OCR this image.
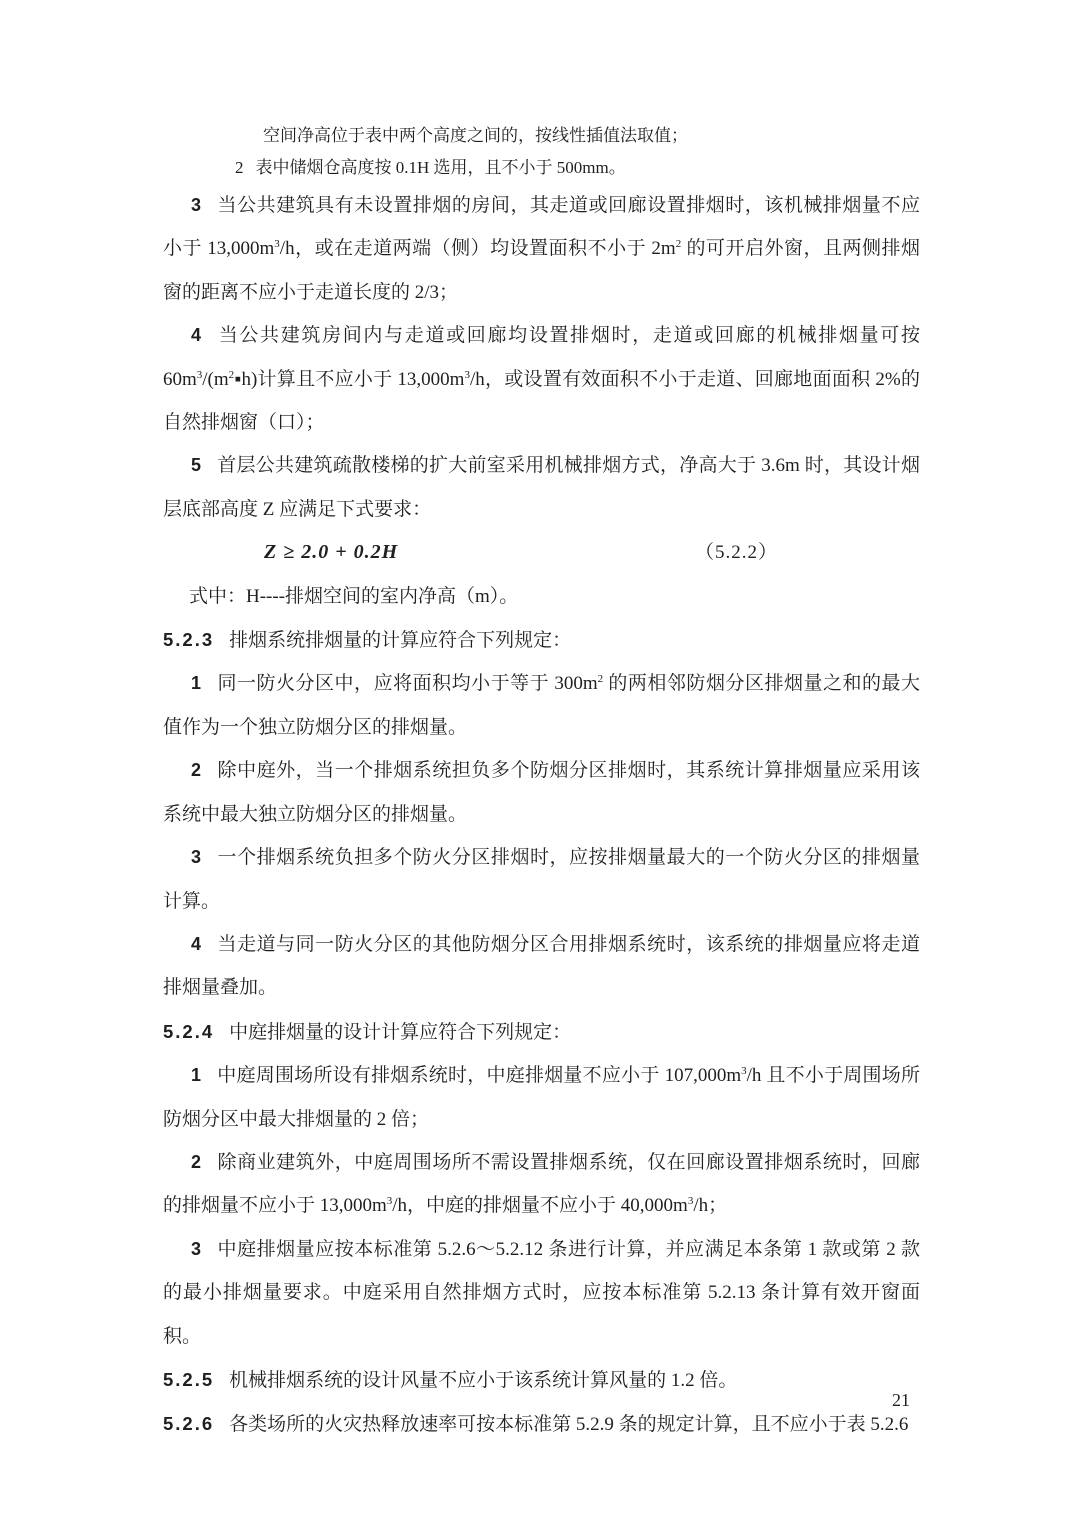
空间净高位于表中两个高度之间的，按线性插值法取值；

2 表中储烟仓高度按 0.1H 选用，且不小于 500mm。

3 当公共建筑具有未设置排烟的房间，其走道或回廊设置排烟时，该机械排烟量不应小于 $13,000m^3/h$，或在走道两端（侧）均设置面积不小于 $2m^2$ 的可开启外窗，且两侧排烟窗的距离不应小于走道长度的 2/3；

4 当公共建筑房间内与走道或回廊均设置排烟时，走道或回廊的机械排烟量可按 $60m^3/(m^2▪h)$计算且不应小于 $13,000m^3/h$，或设置有效面积不小于走道、回廊地面面积 2%的自然排烟窗（口）；

5 首层公共建筑疏散楼梯的扩大前室采用机械排烟方式，净高大于 3.6m 时，其设计烟层底部高度 Z 应满足下式要求：

Z ≥ 2.0 + 0.2H	（5.2.2）

式中：H----排烟空间的室内净高（m）。

5.2.3 排烟系统排烟量的计算应符合下列规定：

1 同一防火分区中，应将面积均小于等于 $300m^2$ 的两相邻防烟分区排烟量之和的最大值作为一个独立防烟分区的排烟量。

2 除中庭外，当一个排烟系统担负多个防烟分区排烟时，其系统计算排烟量应采用该系统中最大独立防烟分区的排烟量。

3 一个排烟系统负担多个防火分区排烟时，应按排烟量最大的一个防火分区的排烟量计算。

4 当走道与同一防火分区的其他防烟分区合用排烟系统时，该系统的排烟量应将走道排烟量叠加。

5.2.4 中庭排烟量的设计计算应符合下列规定：

1 中庭周围场所设有排烟系统时，中庭排烟量不应小于 $107,000m^3/h$ 且不小于周围场所防烟分区中最大排烟量的 2 倍；

2 除商业建筑外，中庭周围场所不需设置排烟系统，仅在回廊设置排烟系统时，回廊的排烟量不应小于 $13,000m^3/h$，中庭的排烟量不应小于 $40,000m^3/h$；

3 中庭排烟量应按本标准第 5.2.6～5.2.12 条进行计算，并应满足本条第 1 款或第 2 款的最小排烟量要求。中庭采用自然排烟方式时，应按本标准第 5.2.13 条计算有效开窗面积。

5.2.5 机械排烟系统的设计风量不应小于该系统计算风量的 1.2 倍。

5.2.6 各类场所的火灾热释放速率可按本标准第 5.2.9 条的规定计算，且不应小于表 5.2.6

21
